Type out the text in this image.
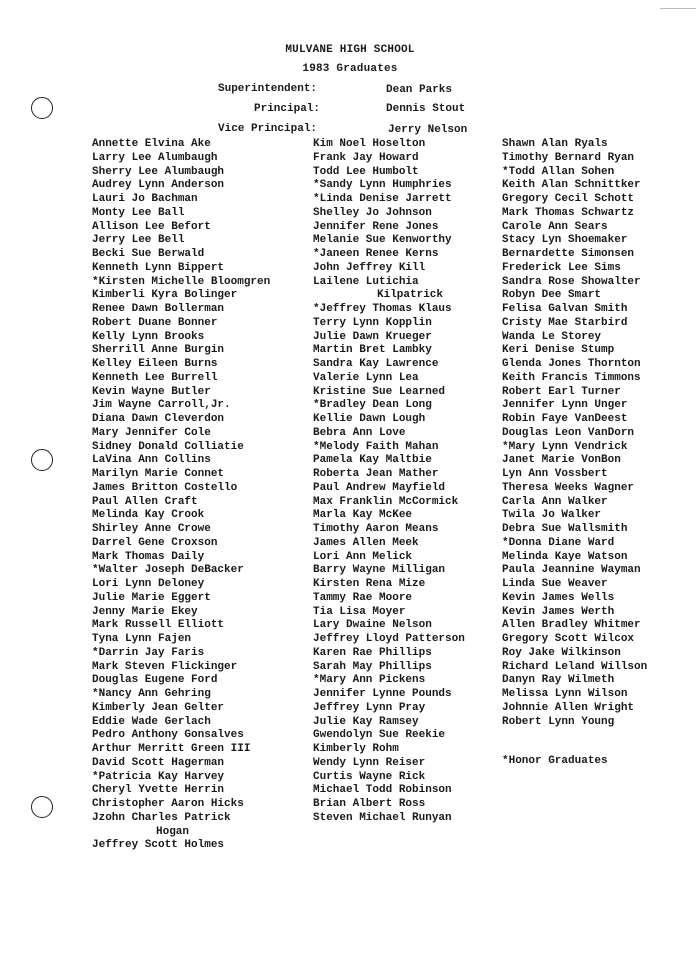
MULVANE HIGH SCHOOL
1983 Graduates
Superintendent:	Dean Parks
Principal:	Dennis Stout
Vice Principal:	Jerry Nelson
Annette Elvina Ake
Larry Lee Alumbaugh
Sherry Lee Alumbaugh
Audrey Lynn Anderson
Lauri Jo Bachman
Monty Lee Ball
Allison Lee Befort
Jerry Lee Bell
Becki Sue Berwald
Kenneth Lynn Bippert
*Kirsten Michelle Bloomgren
Kimberli Kyra Bolinger
Renee Dawn Bollerman
Robert Duane Bonner
Kelly Lynn Brooks
Sherrill Anne Burgin
Kelley Eileen Burns
Kenneth Lee Burrell
Kevin Wayne Butler
Jim Wayne Carroll,Jr.
Diana Dawn Cleverdon
Mary Jennifer Cole
Sidney Donald Colliatie
LaVina Ann Collins
Marilyn Marie Connet
James Britton Costello
Paul Allen Craft
Melinda Kay Crook
Shirley Anne Crowe
Darrel Gene Croxson
Mark Thomas Daily
*Walter Joseph DeBacker
Lori Lynn Deloney
Julie Marie Eggert
Jenny Marie Ekey
Mark Russell Elliott
Tyna Lynn Fajen
*Darrin Jay Faris
Mark Steven Flickinger
Douglas Eugene Ford
*Nancy Ann Gehring
Kimberly Jean Gelter
Eddie Wade Gerlach
Pedro Anthony Gonsalves
Arthur Merritt Green III
David Scott Hagerman
*Patricia Kay Harvey
Cheryl Yvette Herrin
Christopher Aaron Hicks
Jzohn Charles Patrick
Hogan
Jeffrey Scott Holmes
Kim Noel Hoselton
Frank Jay Howard
Todd Lee Humbolt
*Sandy Lynn Humphries
*Linda Denise Jarrett
Shelley Jo Johnson
Jennifer Rene Jones
Melanie Sue Kenworthy
*Janeen Renee Kerns
John Jeffrey Kill
Lailene Lutichia
Kilpatrick
*Jeffrey Thomas Klaus
Terry Lynn Kopplin
Julie Dawn Krueger
Martin Bret Lambky
Sandra Kay Lawrence
Valerie Lynn Lea
Kristine Sue Learned
*Bradley Dean Long
Kellie Dawn Lough
Bebra Ann Love
*Melody Faith Mahan
Pamela Kay Maltbie
Roberta Jean Mather
Paul Andrew Mayfield
Max Franklin McCormick
Marla Kay McKee
Timothy Aaron Means
James Allen Meek
Lori Ann Melick
Barry Wayne Milligan
Kirsten Rena Mize
Tammy Rae Moore
Tia Lisa Moyer
Lary Dwaine Nelson
Jeffrey Lloyd Patterson
Karen Rae Phillips
Sarah May Phillips
*Mary Ann Pickens
Jennifer Lynne Pounds
Jeffrey Lynn Pray
Julie Kay Ramsey
Gwendolyn Sue Reekie
Kimberly Rohm
Wendy Lynn Reiser
Curtis Wayne Rick
Michael Todd Robinson
Brian Albert Ross
Steven Michael Runyan
Shawn Alan Ryals
Timothy Bernard Ryan
*Todd Allan Sohen
Keith Alan Schnittker
Gregory Cecil Schott
Mark Thomas Schwartz
Carole Ann Sears
Stacy Lyn Shoemaker
Bernardette Simonsen
Frederick Lee Sims
Sandra Rose Showalter
Robyn Dee Smart
Felisa Galvan Smith
Cristy Mae Starbird
Wanda Le Storey
Keri Denise Stump
Glenda Jones Thornton
Keith Francis Timmons
Robert Earl Turner
Jennifer Lynn Unger
Robin Faye VanDeest
Douglas Leon VanDorn
*Mary Lynn Vendrick
Janet Marie VonBon
Lyn Ann Vossbert
Theresa Weeks Wagner
Carla Ann Walker
Twila Jo Walker
Debra Sue Wallsmith
*Donna Diane Ward
Melinda Kaye Watson
Paula Jeannine Wayman
Linda Sue Weaver
Kevin James Wells
Kevin James Werth
Allen Bradley Whitmer
Gregory Scott Wilcox
Roy Jake Wilkinson
Richard Leland Willson
Danyn Ray Wilmeth
Melissa Lynn Wilson
Johnnie Allen Wright
Robert Lynn Young
*Honor Graduates
